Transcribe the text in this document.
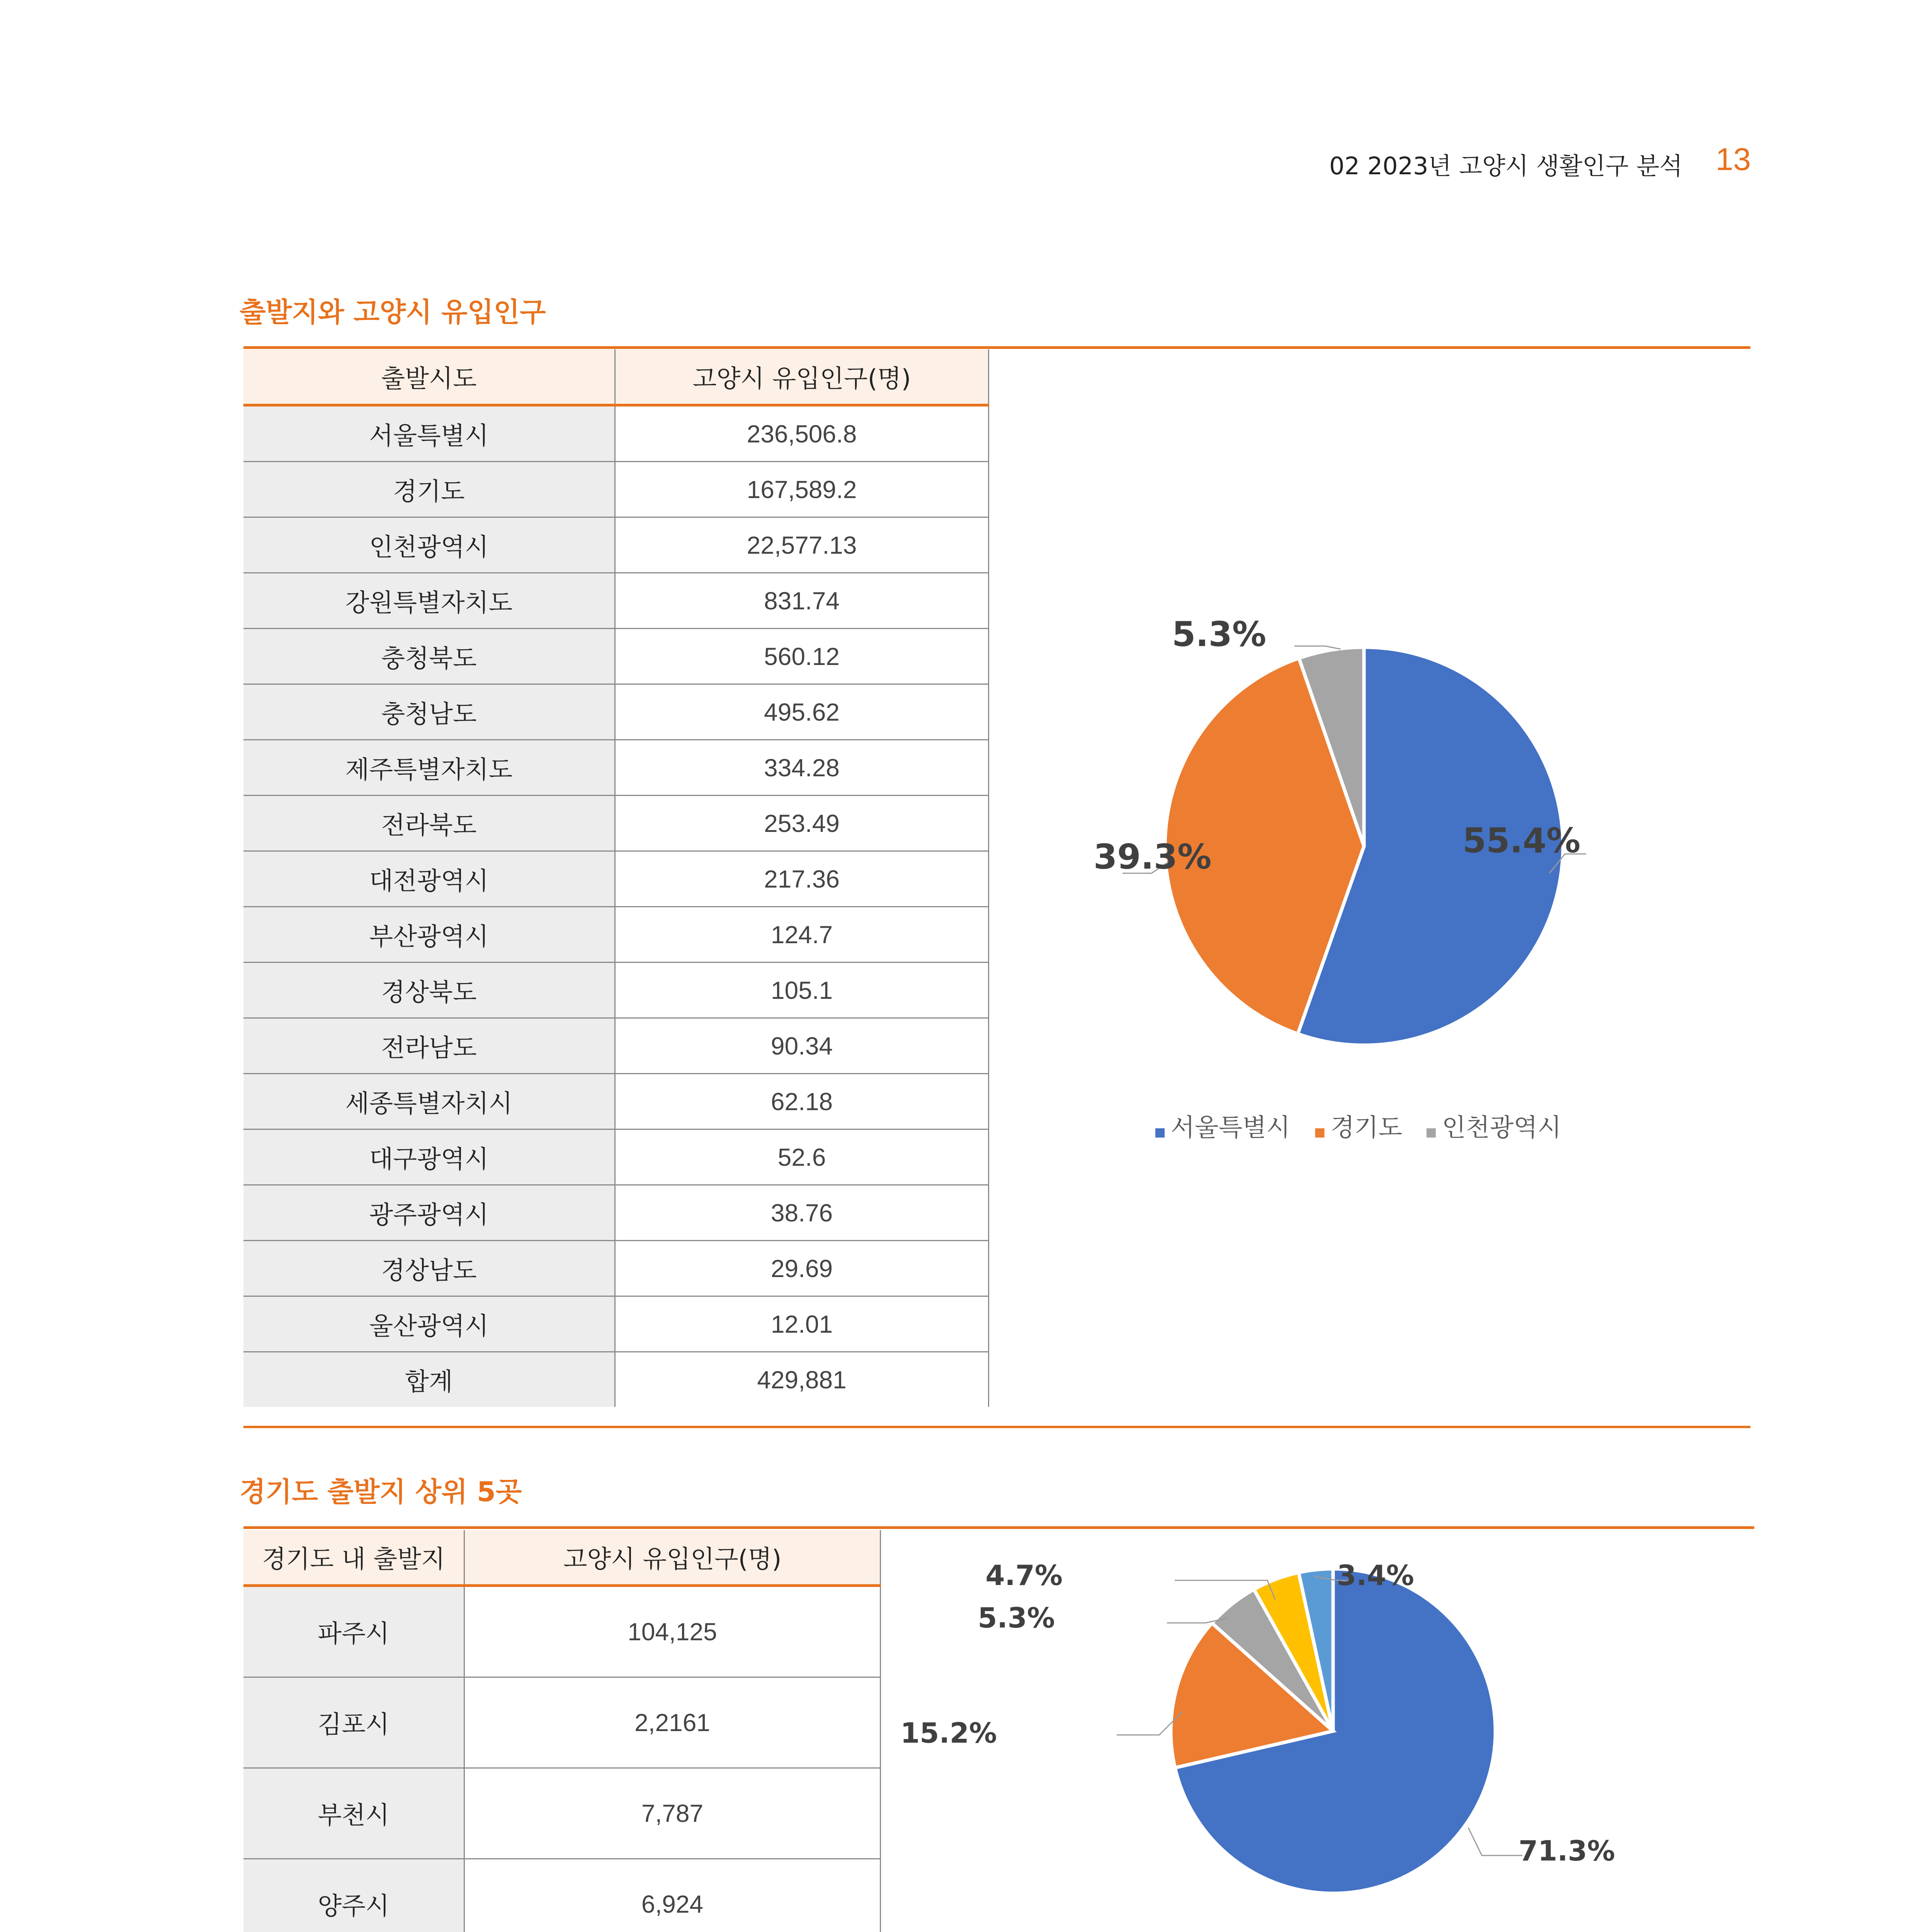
02 2023년 고양시 생활인구 분석 13
출발지와 고양시 유입인구
출발시도	고양시 유입인구(명)
서울특별시	236,506.8
경기도	167,589.2
인천광역시	22,577.13
강원특별자치도	831.74
충청북도	560.12
충청남도	495.62
제주특별자치도	334.28
전라북도	253.49
대전광역시	217.36
부산광역시	124.7
경상북도	105.1
전라남도	90.34
세종특별자치시	62.18
대구광역시	52.6
광주광역시	38.76
경상남도	29.69
울산광역시	12.01
합계	429,881
55.4%
39.3%
5.3%
서울특별시 경기도 인천광역시
경기도 출발지 상위 5곳
경기도 내 출발지	고양시 유입인구(명)
파주시	104,125
김포시	2,2161
부천시	7,787
양주시	6,924

71.3%
15.2%
5.3%
4.7%	3.4%
